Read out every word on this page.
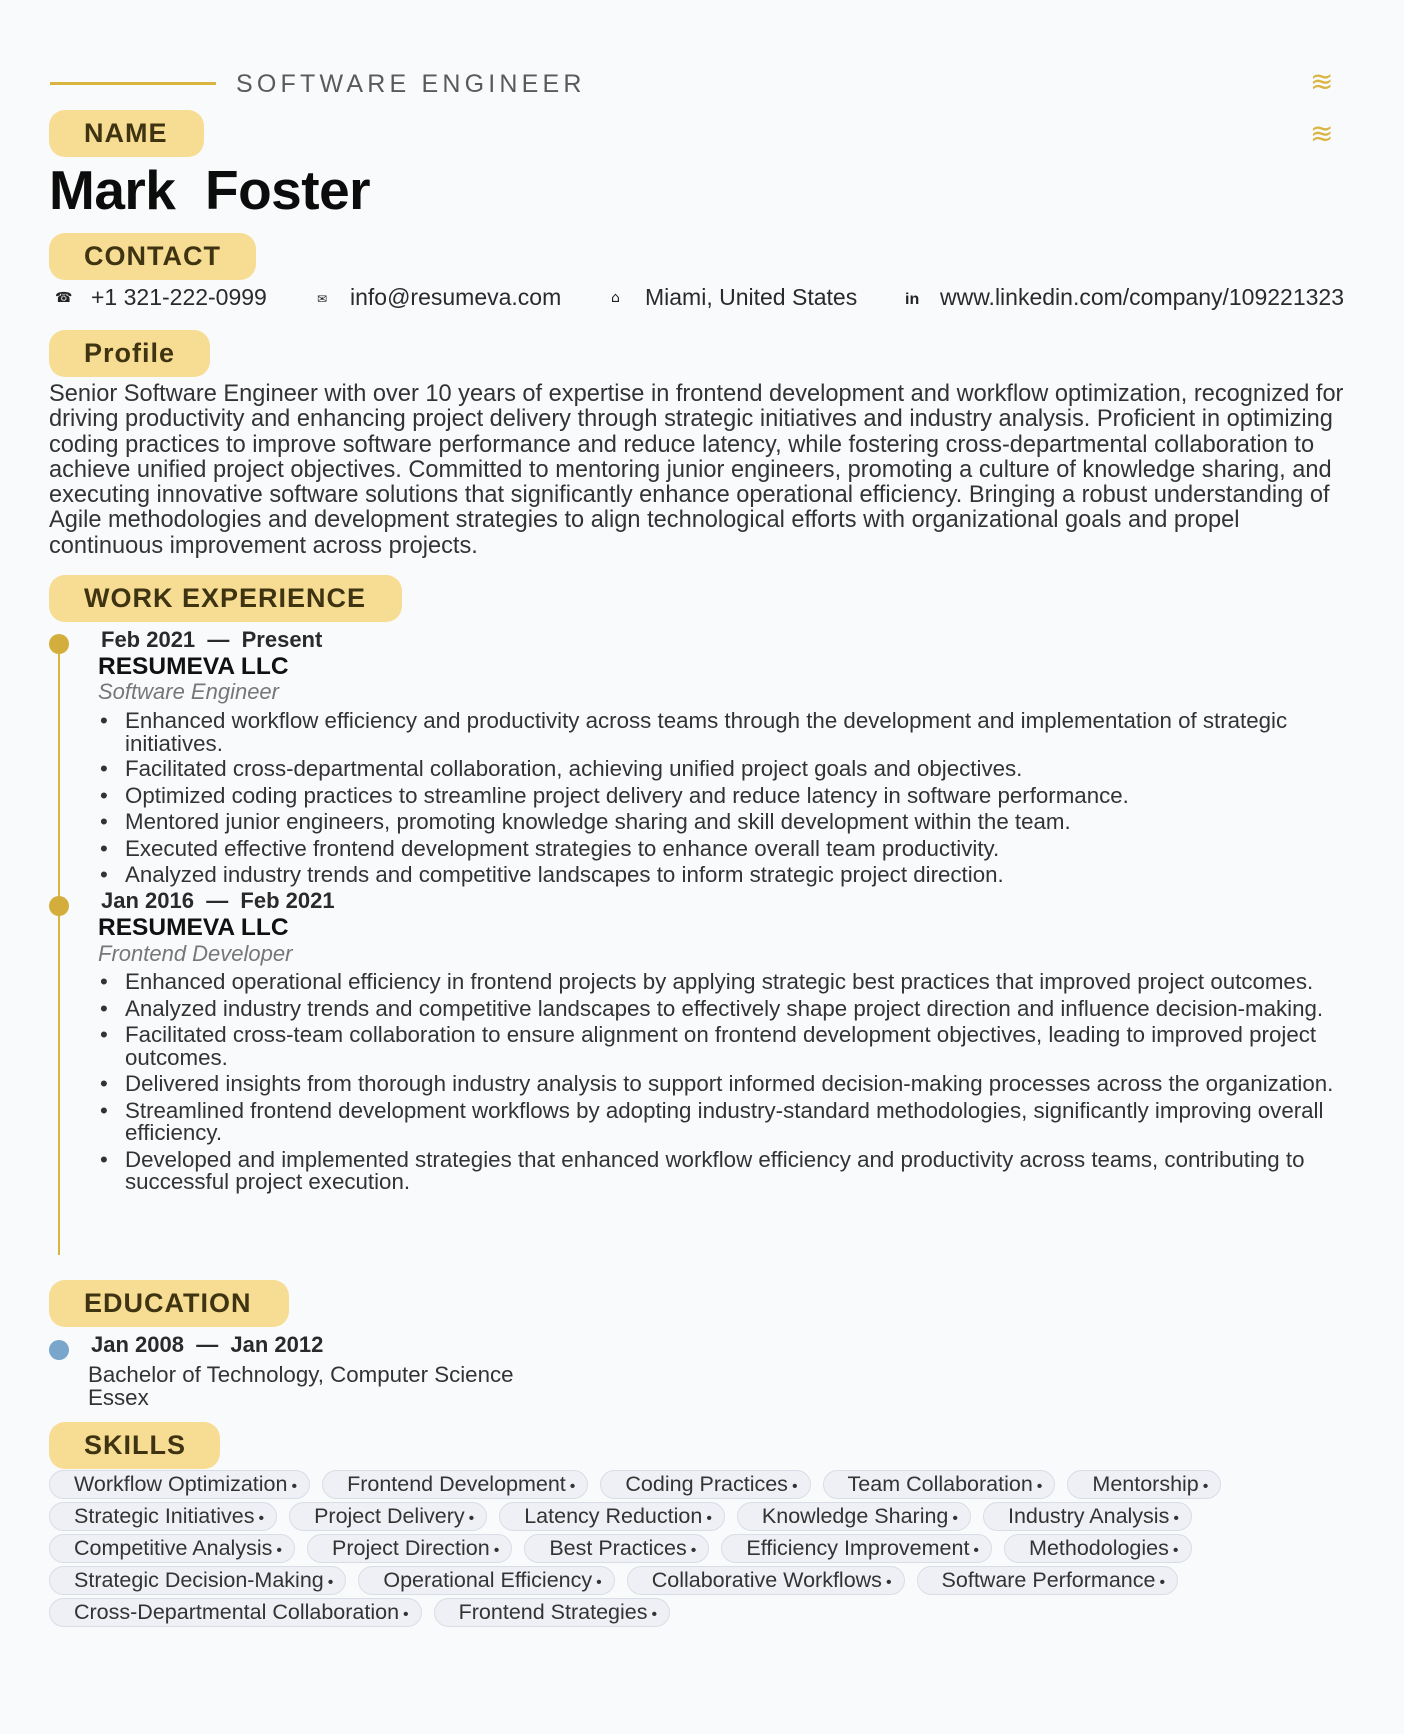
SOFTWARE ENGINEER	≋
≋
NAME
Mark Foster
CONTACT
☎ +1 321-222-0999	✉ info@resumeva.com	⌂ Miami, United States	in www.linkedin.com/company/109221323
Profile
Senior Software Engineer with over 10 years of expertise in frontend development and workflow optimization, recognized for driving productivity and enhancing project delivery through strategic initiatives and industry analysis. Proficient in optimizing coding practices to improve software performance and reduce latency, while fostering cross-departmental collaboration to achieve unified project objectives. Committed to mentoring junior engineers, promoting a culture of knowledge sharing, and executing innovative software solutions that significantly enhance operational efficiency. Bringing a robust understanding of Agile methodologies and development strategies to align technological efforts with organizational goals and propel continuous improvement across projects.
WORK EXPERIENCE
Feb 2021  —  Present
RESUMEVA LLC
Software Engineer
• Enhanced workflow efficiency and productivity across teams through the development and implementation of strategic initiatives.
• Facilitated cross-departmental collaboration, achieving unified project goals and objectives.
• Optimized coding practices to streamline project delivery and reduce latency in software performance.
• Mentored junior engineers, promoting knowledge sharing and skill development within the team.
• Executed effective frontend development strategies to enhance overall team productivity.
• Analyzed industry trends and competitive landscapes to inform strategic project direction.
Jan 2016  —  Feb 2021
RESUMEVA LLC
Frontend Developer
• Enhanced operational efficiency in frontend projects by applying strategic best practices that improved project outcomes.
• Analyzed industry trends and competitive landscapes to effectively shape project direction and influence decision-making.
• Facilitated cross-team collaboration to ensure alignment on frontend development objectives, leading to improved project outcomes.
• Delivered insights from thorough industry analysis to support informed decision-making processes across the organization.
• Streamlined frontend development workflows by adopting industry-standard methodologies, significantly improving overall efficiency.
• Developed and implemented strategies that enhanced workflow efficiency and productivity across teams, contributing to successful project execution.
EDUCATION
Jan 2008  —  Jan 2012
Bachelor of Technology, Computer Science
Essex
SKILLS
Workflow Optimization •	Frontend Development •	Coding Practices •	Team Collaboration •	Mentorship •
Strategic Initiatives •	Project Delivery •	Latency Reduction •	Knowledge Sharing •	Industry Analysis •
Competitive Analysis •	Project Direction •	Best Practices •	Efficiency Improvement •	Methodologies •
Strategic Decision-Making •	Operational Efficiency •	Collaborative Workflows •	Software Performance •
Cross-Departmental Collaboration •	Frontend Strategies •
